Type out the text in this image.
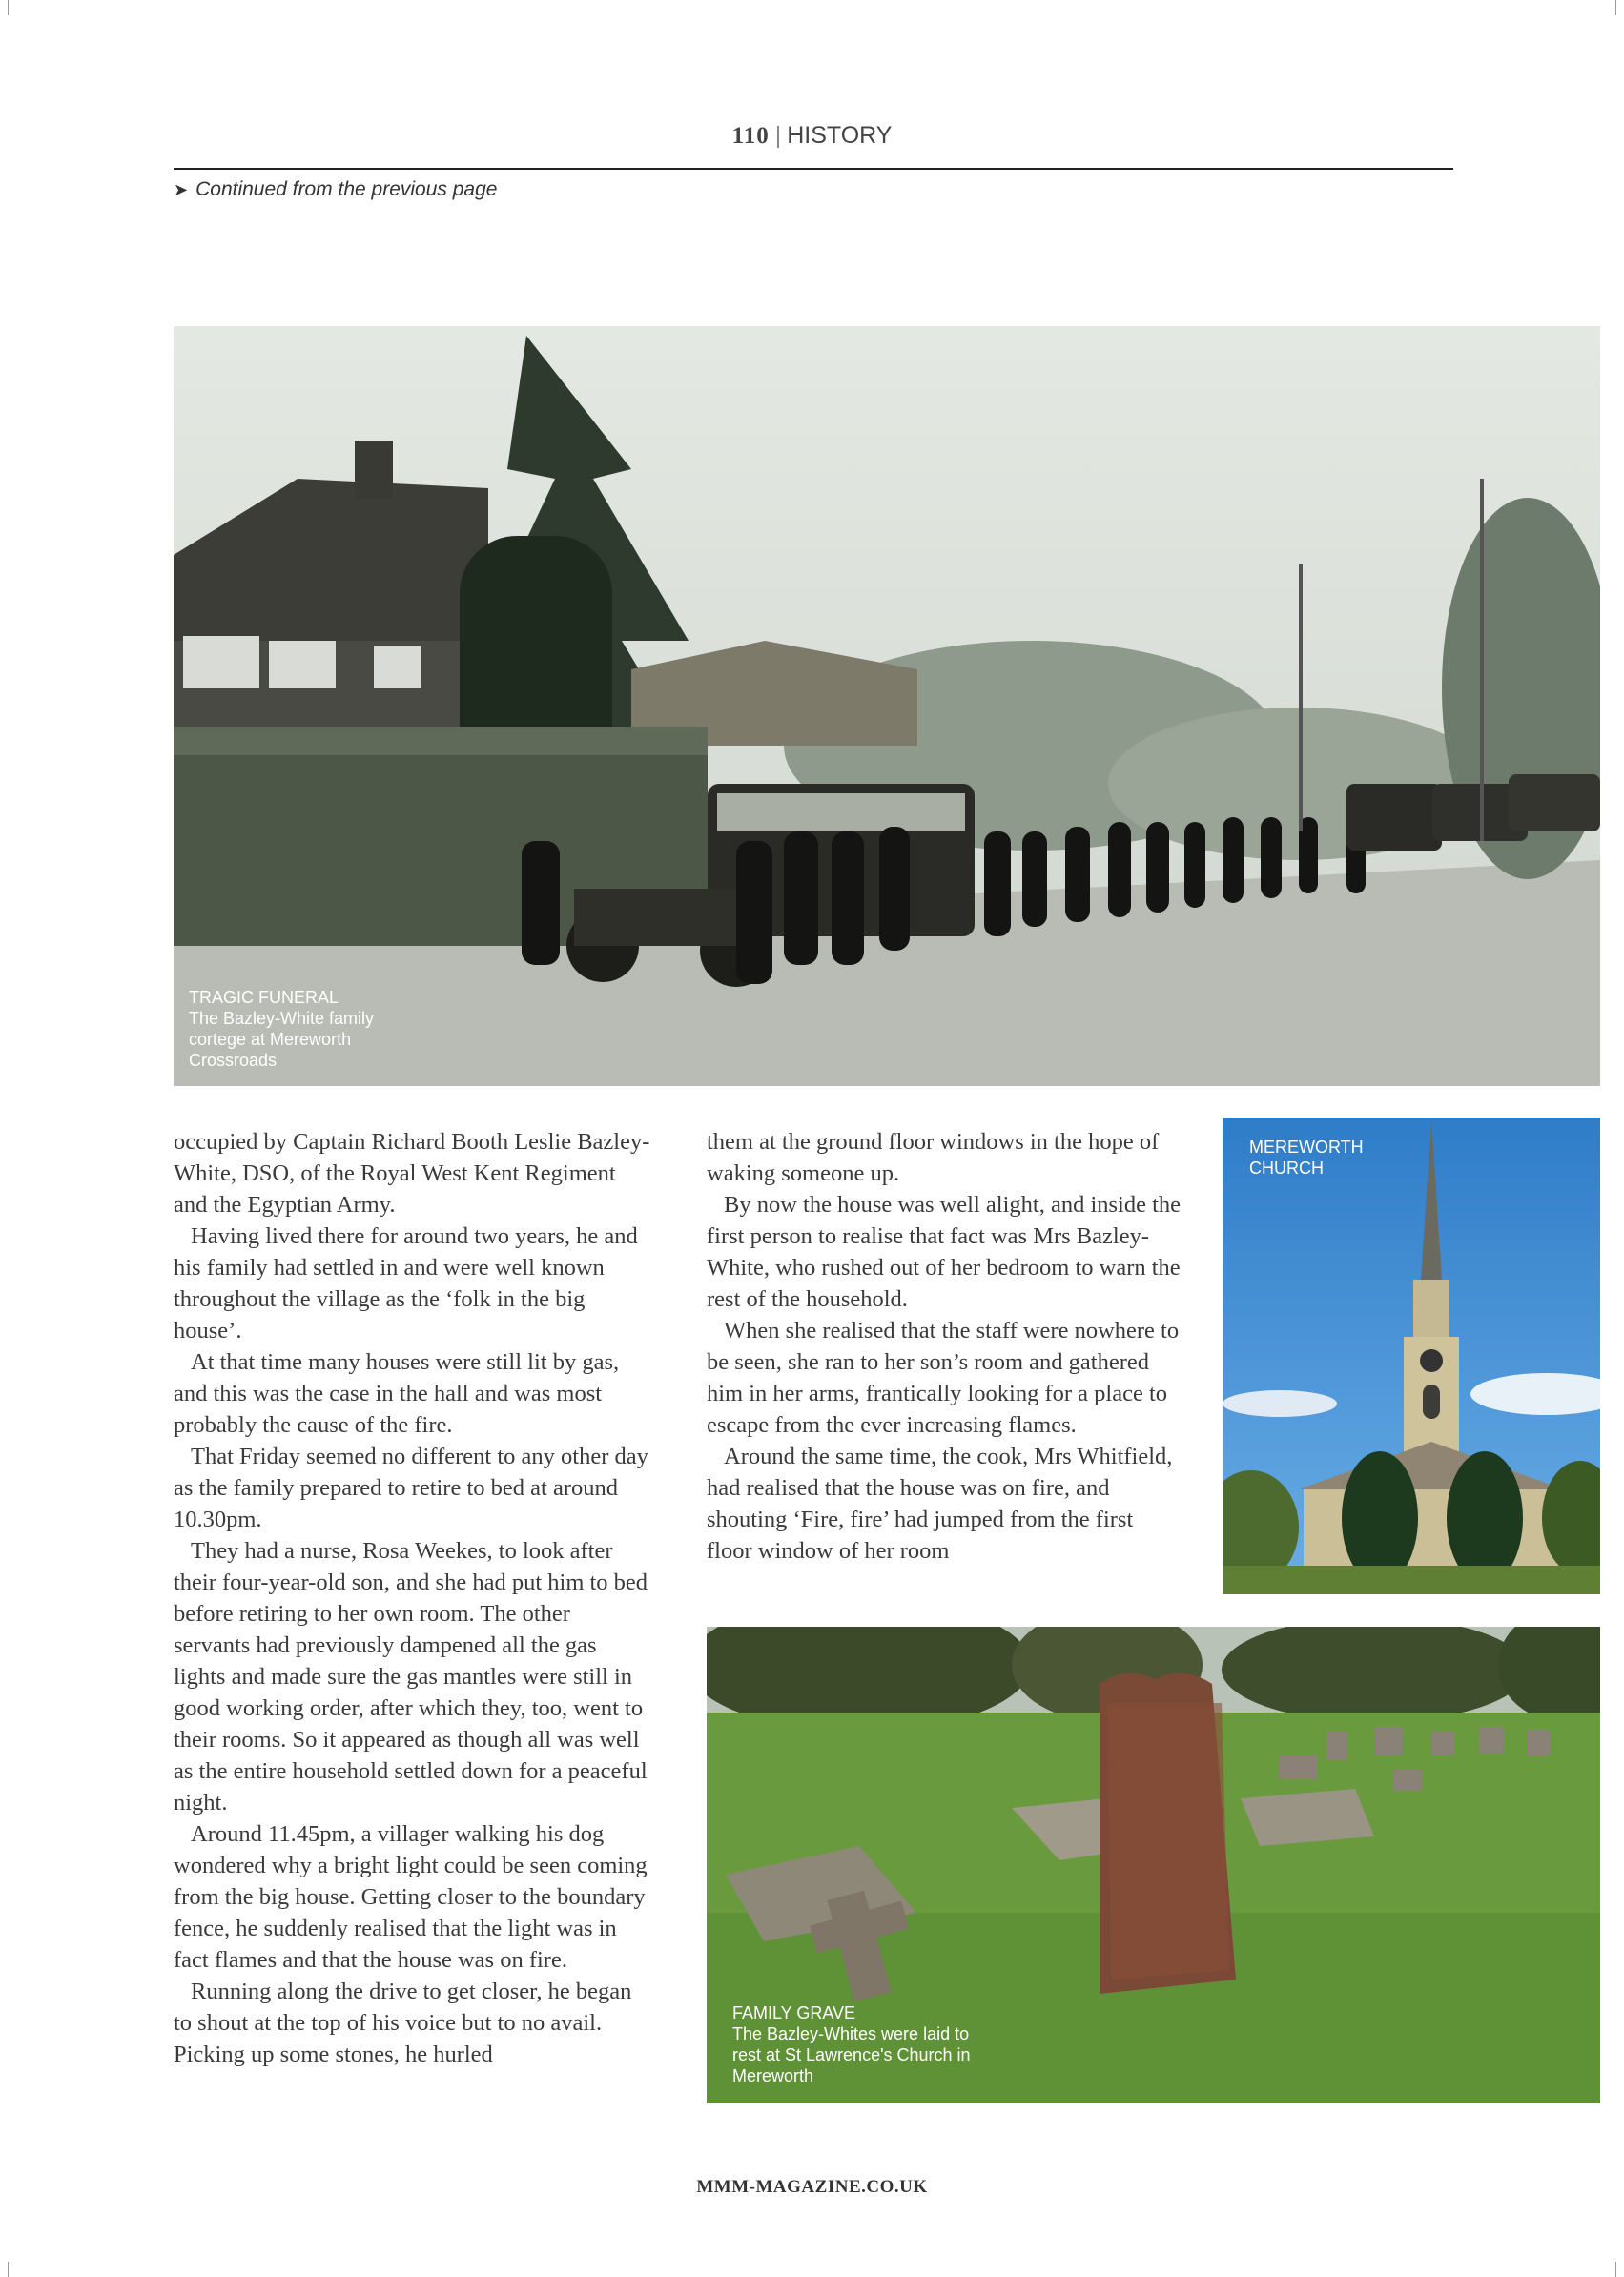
110 | HISTORY
➤ Continued from the previous page
TRAGIC FUNERAL
The Bazley-White family cortege at Mereworth Crossroads
MEREWORTH
CHURCH
FAMILY GRAVE
The Bazley-Whites were laid to rest at St Lawrence's Church in Mereworth

occupied by Captain Richard Booth Leslie Bazley-White, DSO, of the Royal West Kent Regiment and the Egyptian Army.

Having lived there for around two years, he and his family had settled in and were well known throughout the village as the ‘folk in the big house’.

At that time many houses were still lit by gas, and this was the case in the hall and was most probably the cause of the fire.

That Friday seemed no different to any other day as the family prepared to retire to bed at around 10.30pm.

They had a nurse, Rosa Weekes, to look after their four-year-old son, and she had put him to bed before retiring to her own room. The other servants had previously dampened all the gas lights and made sure the gas mantles were still in good working order, after which they, too, went to their rooms. So it appeared as though all was well as the entire household settled down for a peaceful night.

Around 11.45pm, a villager walking his dog wondered why a bright light could be seen coming from the big house. Getting closer to the boundary fence, he suddenly realised that the light was in fact flames and that the house was on fire.

Running along the drive to get closer, he began to shout at the top of his voice but to no avail. Picking up some stones, he hurled

them at the ground floor windows in the hope of waking someone up.

By now the house was well alight, and inside the first person to realise that fact was Mrs Bazley-White, who rushed out of her bedroom to warn the rest of the household.

When she realised that the staff were nowhere to be seen, she ran to her son’s room and gathered him in her arms, frantically looking for a place to escape from the ever increasing flames.

Around the same time, the cook, Mrs Whitfield, had realised that the house was on fire, and shouting ‘Fire, fire’ had jumped from the first floor window of her room

MMM-MAGAZINE.CO.UK
